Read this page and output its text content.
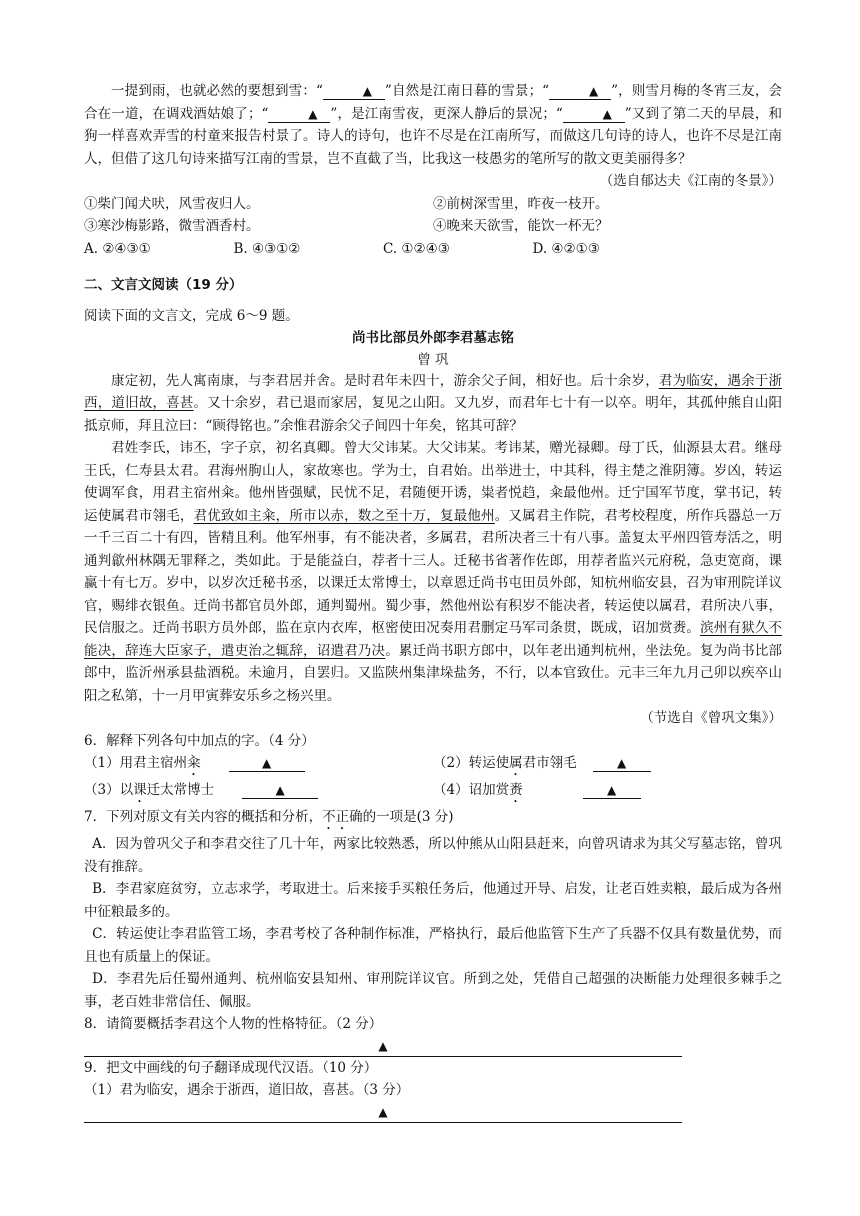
一提到雨，也就必然的要想到雪：“	▲ ”自然是江南日暮的雪景；“	▲ ”，则雪月梅的冬宵三友，会合在一道，在调戏酒姑娘了；“	▲ ”，是江南雪夜，更深人静后的景况；“	▲ ”又到了第二天的早晨，和狗一样喜欢弄雪的村童来报告村景了。诗人的诗句，也许不尽是在江南所写，而做这几句诗的诗人，也许不尽是江南人，但借了这几句诗来描写江南的雪景，岂不直截了当，比我这一枝愚劣的笔所写的散文更美丽得多？

（选自郁达夫《江南的冬景》）

①柴门闻犬吠，风雪夜归人。	②前树深雪里，昨夜一枝开。
③寒沙梅影路，微雪酒香村。	④晚来天欲雪，能饮一杯无？
A. ②④③①	B. ④③①②	C. ①②④③	D. ④②①③

二、文言文阅读（19 分）

阅读下面的文言文，完成 6～9 题。

尚书比部员外郎李君墓志铭

曾 巩

康定初，先人寓南康，与李君居并舍。是时君年未四十，游余父子间，相好也。后十余岁，君为临安，遇余于浙西，道旧故，喜甚。又十余岁，君已退而家居，复见之山阳。又九岁，而君年七十有一以卒。明年，其孤仲熊自山阳抵京师，拜且泣曰：“顾得铭也。”余惟君游余父子间四十年矣，铭其可辞？

君姓李氏，讳丕，字子京，初名真卿。曾大父讳某。大父讳某。考讳某，赠光禄卿。母丁氏，仙源县太君。继母王氏，仁寿县太君。君海州朐山人，家故寒也。学为士，自君始。出举进士，中其科，得主楚之淮阴簿。岁凶，转运使调军食，用君主宿州籴。他州皆强赋，民忧不足，君随便开诱，粜者悦趋，籴最他州。迁宁国军节度，掌书记，转运使属君市翎毛，君优致如主籴，所市以赤，数之至十万，复最他州。又属君主作院，君考校程度，所作兵器总一万一千三百二十有四，皆精且利。他军州事，有不能决者，多属君，君所决者三十有八事。盖复太平州四管寿活之，明通判歙州林隅无罪释之，类如此。于是能益白，荐者十三人。迁秘书省著作佐郎，用荐者监兴元府税，急吏宽商，课赢十有七万。岁中，以岁次迁秘书丞，以课迁太常博士，以章恩迁尚书屯田员外郎，知杭州临安县，召为审刑院详议官，赐绯衣银鱼。迁尚书都官员外郎，通判蜀州。蜀少事，然他州讼有积岁不能决者，转运使以属君，君所决八事，民信服之。迁尚书职方员外郎，监在京内衣库，枢密使田况奏用君删定马军司条贯，既成，诏加赏赉。滨州有狱久不能决，辞连大臣家子，遣吏治之辄辞，诏遣君乃决。累迁尚书职方郎中，以年老出通判杭州，坐法免。复为尚书比部郎中，监沂州承县盐酒税。未逾月，自罢归。又监陕州集津垛盐务，不行，以本官致仕。元丰三年九月己卯以疾卒山阳之私第，十一月甲寅葬安乐乡之杨兴里。

（节选自《曾巩文集》）

6．解释下列各句中加点的字。（4 分）

（1）用君主宿州籴	▲	（2）转运使属君市翎毛	▲
（3）以课迁太常博士	▲	（4）诏加赏赉	▲

7．下列对原文有关内容的概括和分析，不正确的一项是(3 分)

A．因为曾巩父子和李君交往了几十年，两家比较熟悉，所以仲熊从山阳县赶来，向曾巩请求为其父写墓志铭，曾巩没有推辞。

B．李君家庭贫穷，立志求学，考取进士。后来接手买粮任务后，他通过开导、启发，让老百姓卖粮，最后成为各州中征粮最多的。

C．转运使让李君监管工场，李君考校了各种制作标准，严格执行，最后他监管下生产了兵器不仅具有数量优势，而且也有质量上的保证。

D．李君先后任蜀州通判、杭州临安县知州、审刑院详议官。所到之处，凭借自己超强的决断能力处理很多棘手之事，老百姓非常信任、佩服。

8．请简要概括李君这个人物的性格特征。（2 分）

▲

9．把文中画线的句子翻译成现代汉语。（10 分）

（1）君为临安，遇余于浙西，道旧故，喜甚。（3 分）

▲
